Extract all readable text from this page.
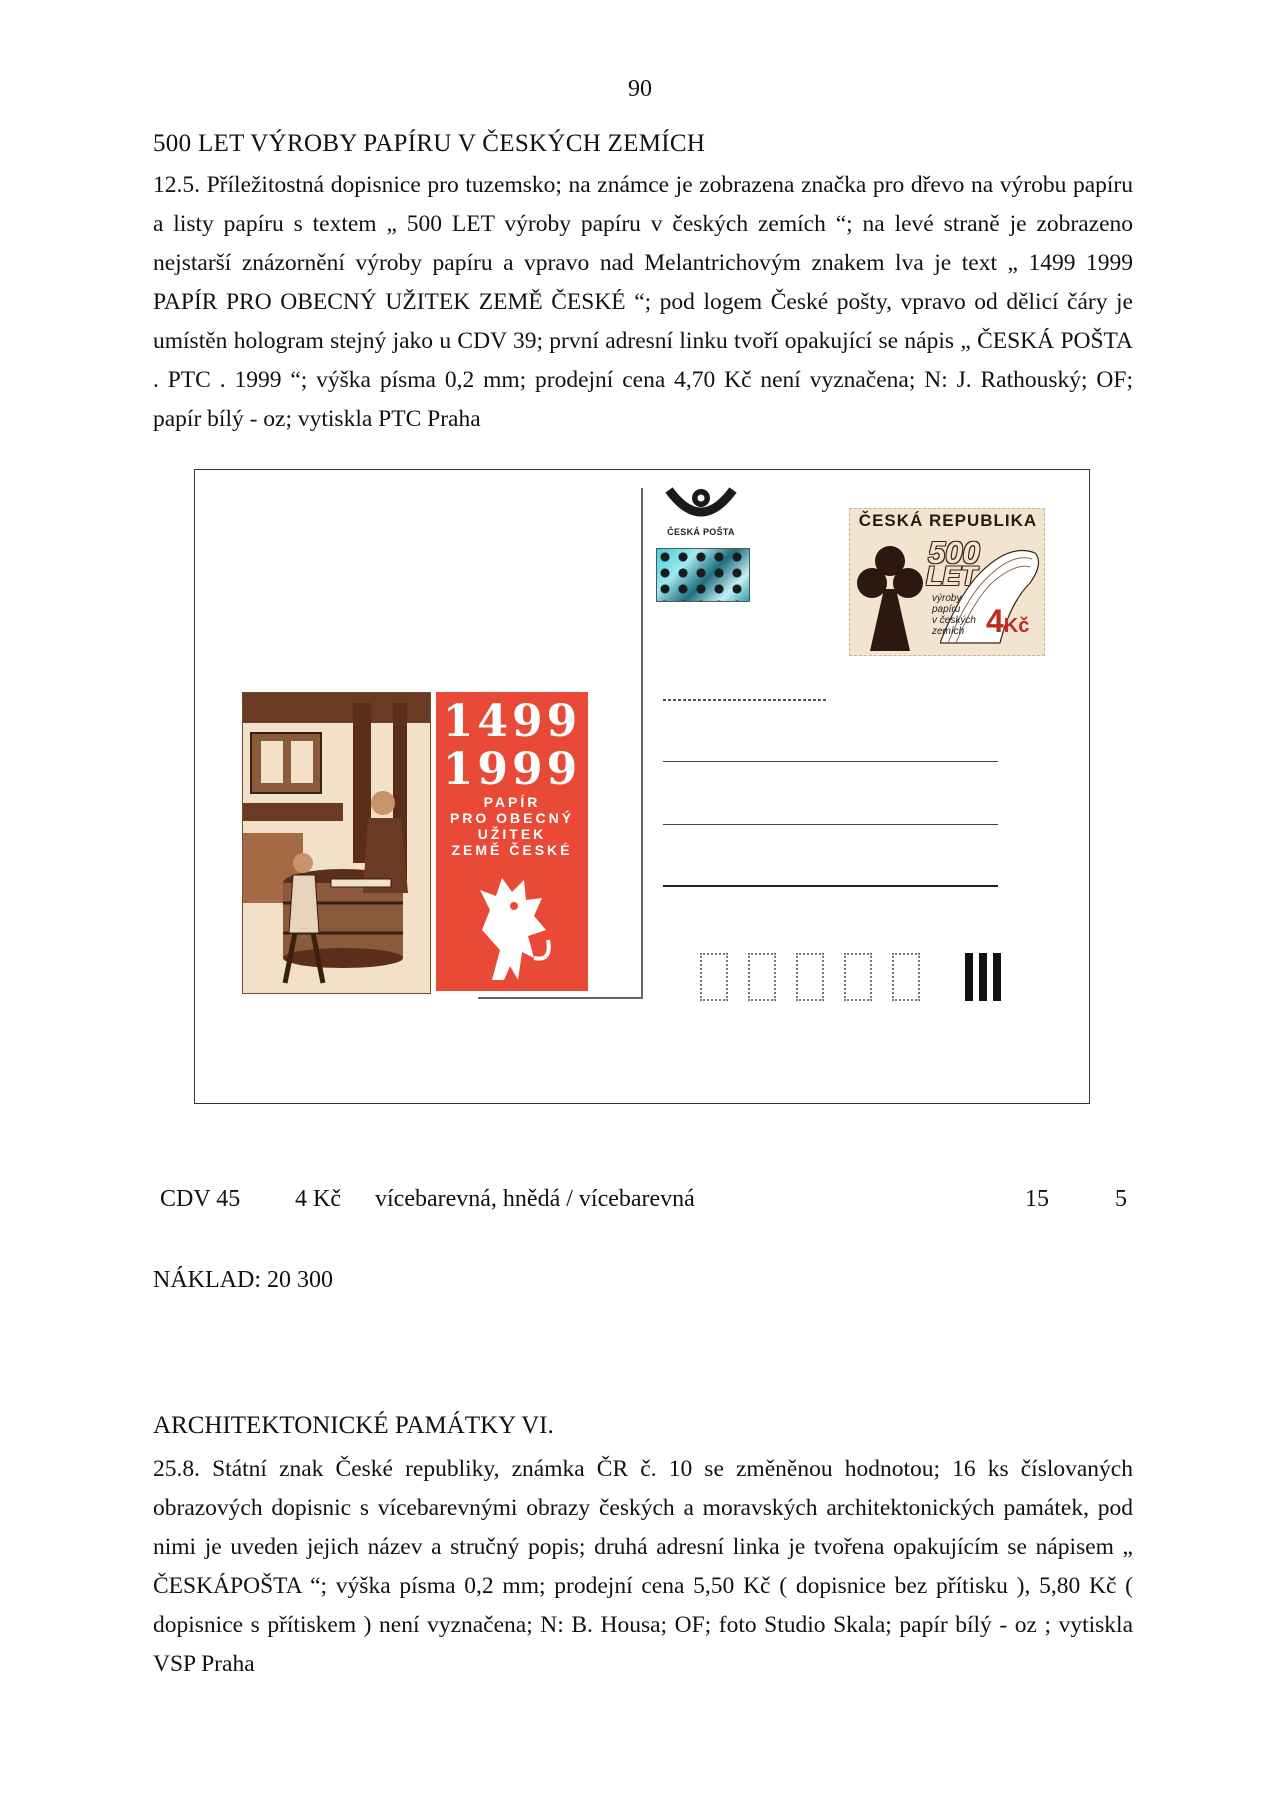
90
500 LET VÝROBY PAPÍRU V ČESKÝCH ZEMÍCH
12.5. Příležitostná dopisnice pro tuzemsko; na známce je zobrazena značka pro dřevo na výrobu papíru a listy papíru s textem „ 500 LET výroby papíru v českých zemích “; na levé straně je zobrazeno nejstarší znázornění výroby papíru a vpravo nad Melantrichovým znakem lva je text „ 1499 1999 PAPÍR PRO OBECNÝ UŽITEK ZEMĚ ČESKÉ “; pod logem České pošty, vpravo od dělicí čáry je umístěn hologram stejný jako u CDV 39; první adresní linku tvoří opakující se nápis „ ČESKÁ POŠTA . PTC . 1999 “; výška písma 0,2 mm; prodejní cena 4,70 Kč není vyznačena; N: J. Rathouský; OF; papír bílý - oz; vytiskla PTC Praha
ČESKÁ POŠTA
ČESKÁ REPUBLIKA
500
LET
výroby
papíru
v českých
zemích 4Kč
1499
1999
PAPÍR
PRO OBECNÝ
UŽITEK
ZEMĚ ČESKÉ
CDV 45 4 Kč vícebarevná, hnědá / vícebarevná	15	5
NÁKLAD: 20 300
ARCHITEKTONICKÉ PAMÁTKY VI.
25.8. Státní znak České republiky, známka ČR č. 10 se změněnou hodnotou; 16 ks číslovaných obrazových dopisnic s vícebarevnými obrazy českých a moravských architektonických památek, pod nimi je uveden jejich název a stručný popis; druhá adresní linka je tvořena opakujícím se nápisem „ ČESKÁPOŠTA “; výška písma 0,2 mm; prodejní cena 5,50 Kč ( dopisnice bez přítisku ), 5,80 Kč ( dopisnice s přítiskem ) není vyznačena; N: B. Housa; OF; foto Studio Skala; papír bílý - oz ; vytiskla VSP Praha
